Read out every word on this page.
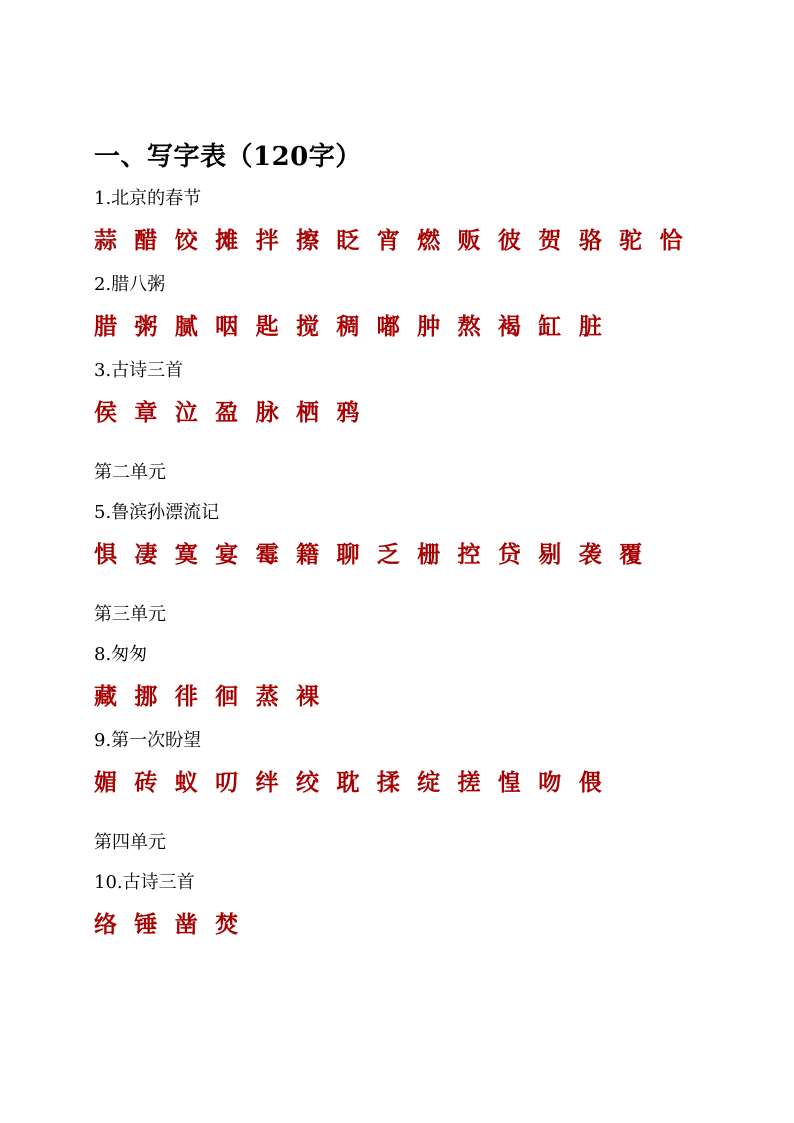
一、写字表（120字）
1.北京的春节
蒜 醋 饺 摊 拌 擦 眨 宵 燃 贩 彼 贺 骆 驼 恰
2.腊八粥
腊 粥 腻 咽 匙 搅 稠 嘟 肿 熬 褐 缸 脏
3.古诗三首
侯 章 泣 盈 脉 栖 鸦
第二单元
5.鲁滨孙漂流记
惧 凄 寞 宴 霉 籍 聊 乏 栅 控 贷 剔 袭 覆
第三单元
8.匆匆
藏 挪 徘 徊 蒸 裸
9.第一次盼望
媚 砖 蚁 叨 绊 绞 耽 揉 绽 搓 惶 吻 偎
第四单元
10.古诗三首
络 锤 凿 焚
